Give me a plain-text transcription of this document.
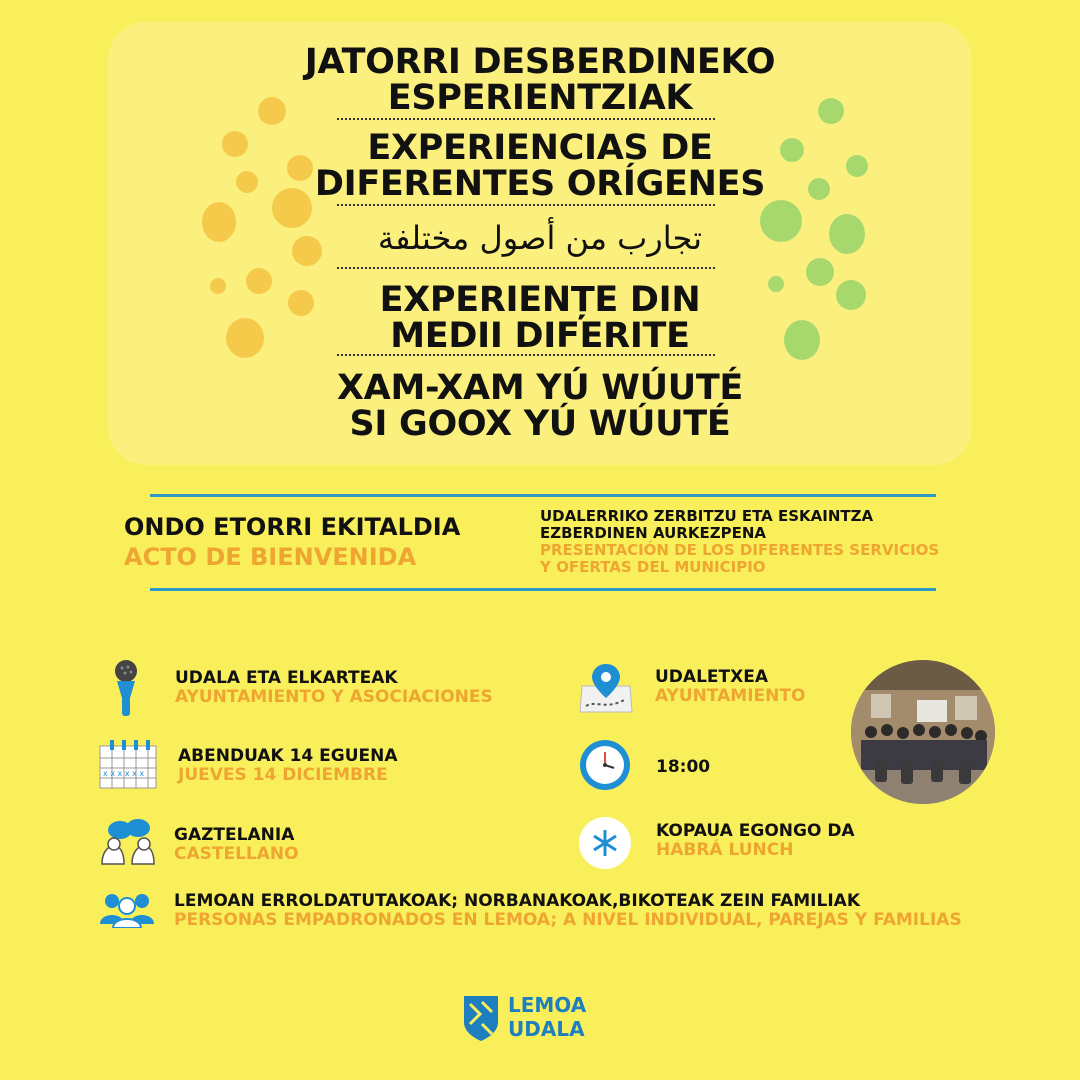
JATORRI DESBERDINEKO
ESPERIENTZIAK
EXPERIENCIAS DE
DIFERENTES ORÍGENES
تجارب من أصول مختلفة
EXPERIENȚE DIN
MEDII DIFERITE
XAM-XAM YÚ WÚUTÉ
SI GOOX YÚ WÚUTÉ
ONDO ETORRI EKITALDIA
ACTO DE BIENVENIDA
UDALERRIKO ZERBITZU ETA ESKAINTZA
EZBERDINEN AURKEZPENA
PRESENTACIÓN DE LOS DIFERENTES SERVICIOS
Y OFERTAS DEL MUNICIPIO
UDALA ETA ELKARTEAK
AYUNTAMIENTO Y ASOCIACIONES
UDALETXEA
AYUNTAMIENTO
x x x x x x
ABENDUAK 14 EGUENA
JUEVES 14 DICIEMBRE	18:00
GAZTELANIA
CASTELLANO
KOPAUA EGONGO DA
HABRÁ LUNCH
LEMOAN ERROLDATUTAKOAK; NORBANAKOAK,BIKOTEAK ZEIN FAMILIAK
PERSONAS EMPADRONADOS EN LEMOA; A NIVEL INDIVIDUAL, PAREJAS Y FAMILIAS
LEMOA
UDALA
